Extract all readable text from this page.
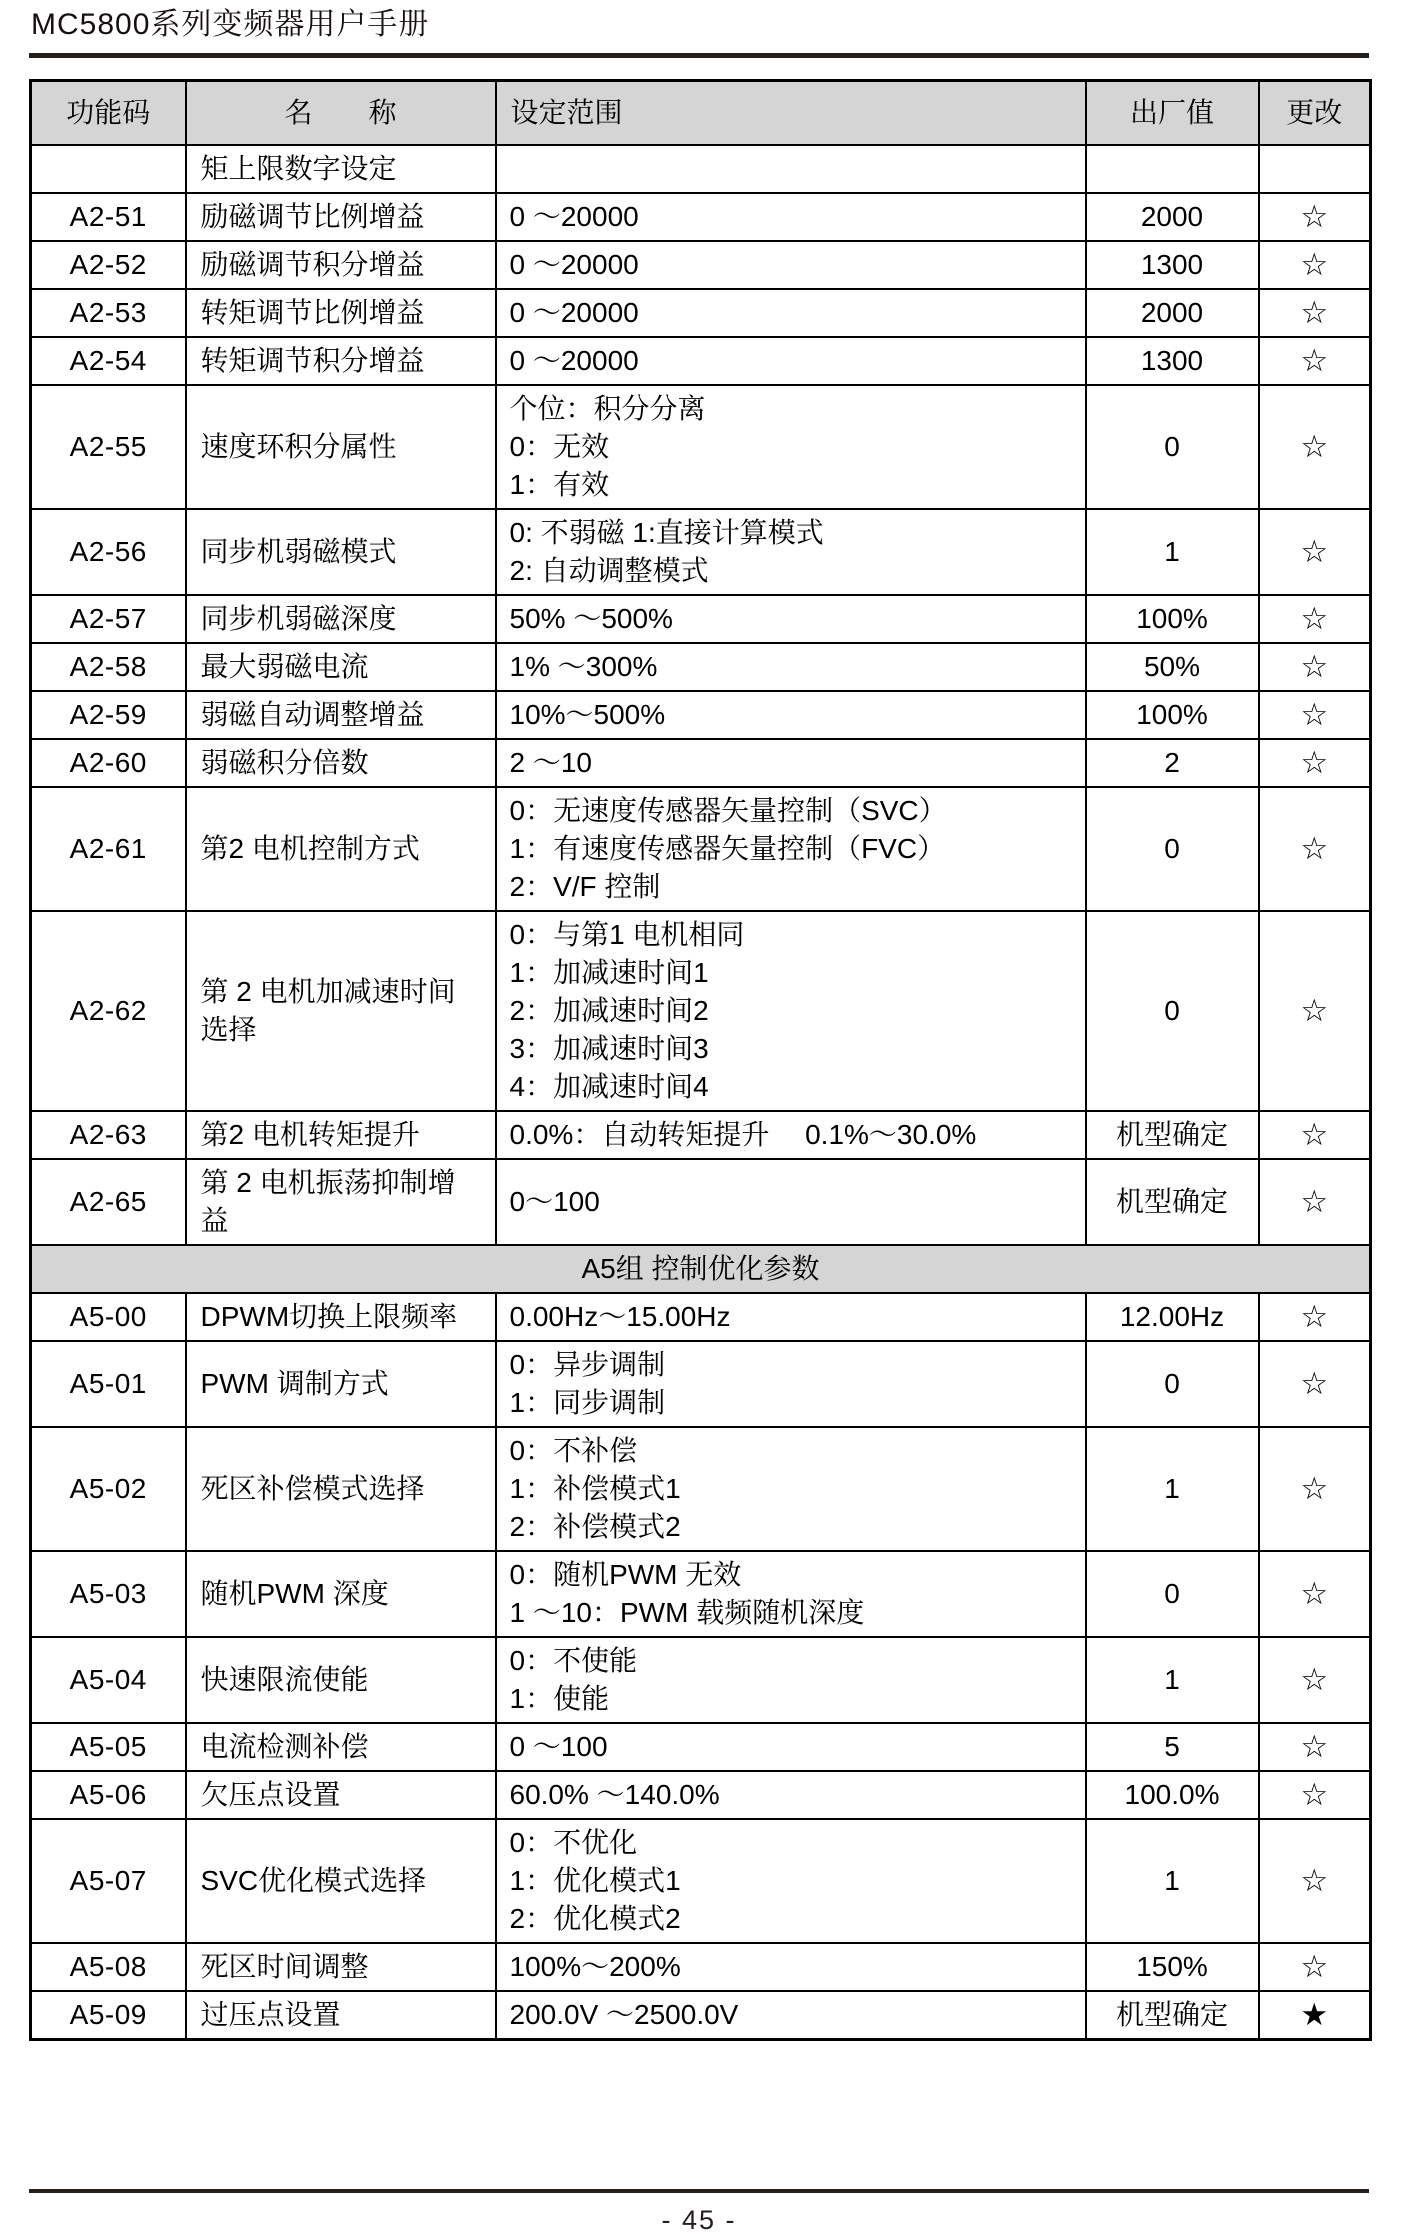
MC5800系列变频器用户手册
功能码	名　　称	设定范围	出厂值	更改
	矩上限数字设定			
A2-51	励磁调节比例增益	0 ～20000	2000	☆
A2-52	励磁调节积分增益	0 ～20000	1300	☆
A2-53	转矩调节比例增益	0 ～20000	2000	☆
A2-54	转矩调节积分增益	0 ～20000	1300	☆
A2-55	速度环积分属性	个位：积分分离
0：无效
1：有效	0	☆
A2-56	同步机弱磁模式	0: 不弱磁 1:直接计算模式
2: 自动调整模式	1	☆
A2-57	同步机弱磁深度	50% ～500%	100%	☆
A2-58	最大弱磁电流	1% ～300%	50%	☆
A2-59	弱磁自动调整增益	10%～500%	100%	☆
A2-60	弱磁积分倍数	2 ～10	2	☆
A2-61	第2 电机控制方式	0：无速度传感器矢量控制（SVC）
1：有速度传感器矢量控制（FVC）
2：V/F 控制	0	☆
A2-62	第 2 电机加减速时间选择	0：与第1 电机相同
1：加减速时间1
2：加减速时间2
3：加减速时间3
4：加减速时间4	0	☆
A2-63	第2 电机转矩提升	0.0%：自动转矩提升　 0.1%～30.0%	机型确定	☆
A2-65	第 2 电机振荡抑制增益	0～100	机型确定	☆
A5组 控制优化参数				
A5-00	DPWM切换上限频率	0.00Hz～15.00Hz	12.00Hz	☆
A5-01	PWM 调制方式	0：异步调制
1：同步调制	0	☆
A5-02	死区补偿模式选择	0：不补偿
1：补偿模式1
2：补偿模式2	1	☆
A5-03	随机PWM 深度	0：随机PWM 无效
1 ～10：PWM 载频随机深度	0	☆
A5-04	快速限流使能	0：不使能
1：使能	1	☆
A5-05	电流检测补偿	0 ～100	5	☆
A5-06	欠压点设置	60.0% ～140.0%	100.0%	☆
A5-07	SVC优化模式选择	0：不优化
1：优化模式1
2：优化模式2	1	☆
A5-08	死区时间调整	100%～200%	150%	☆
A5-09	过压点设置	200.0V ～2500.0V	机型确定	★
- 45 -
